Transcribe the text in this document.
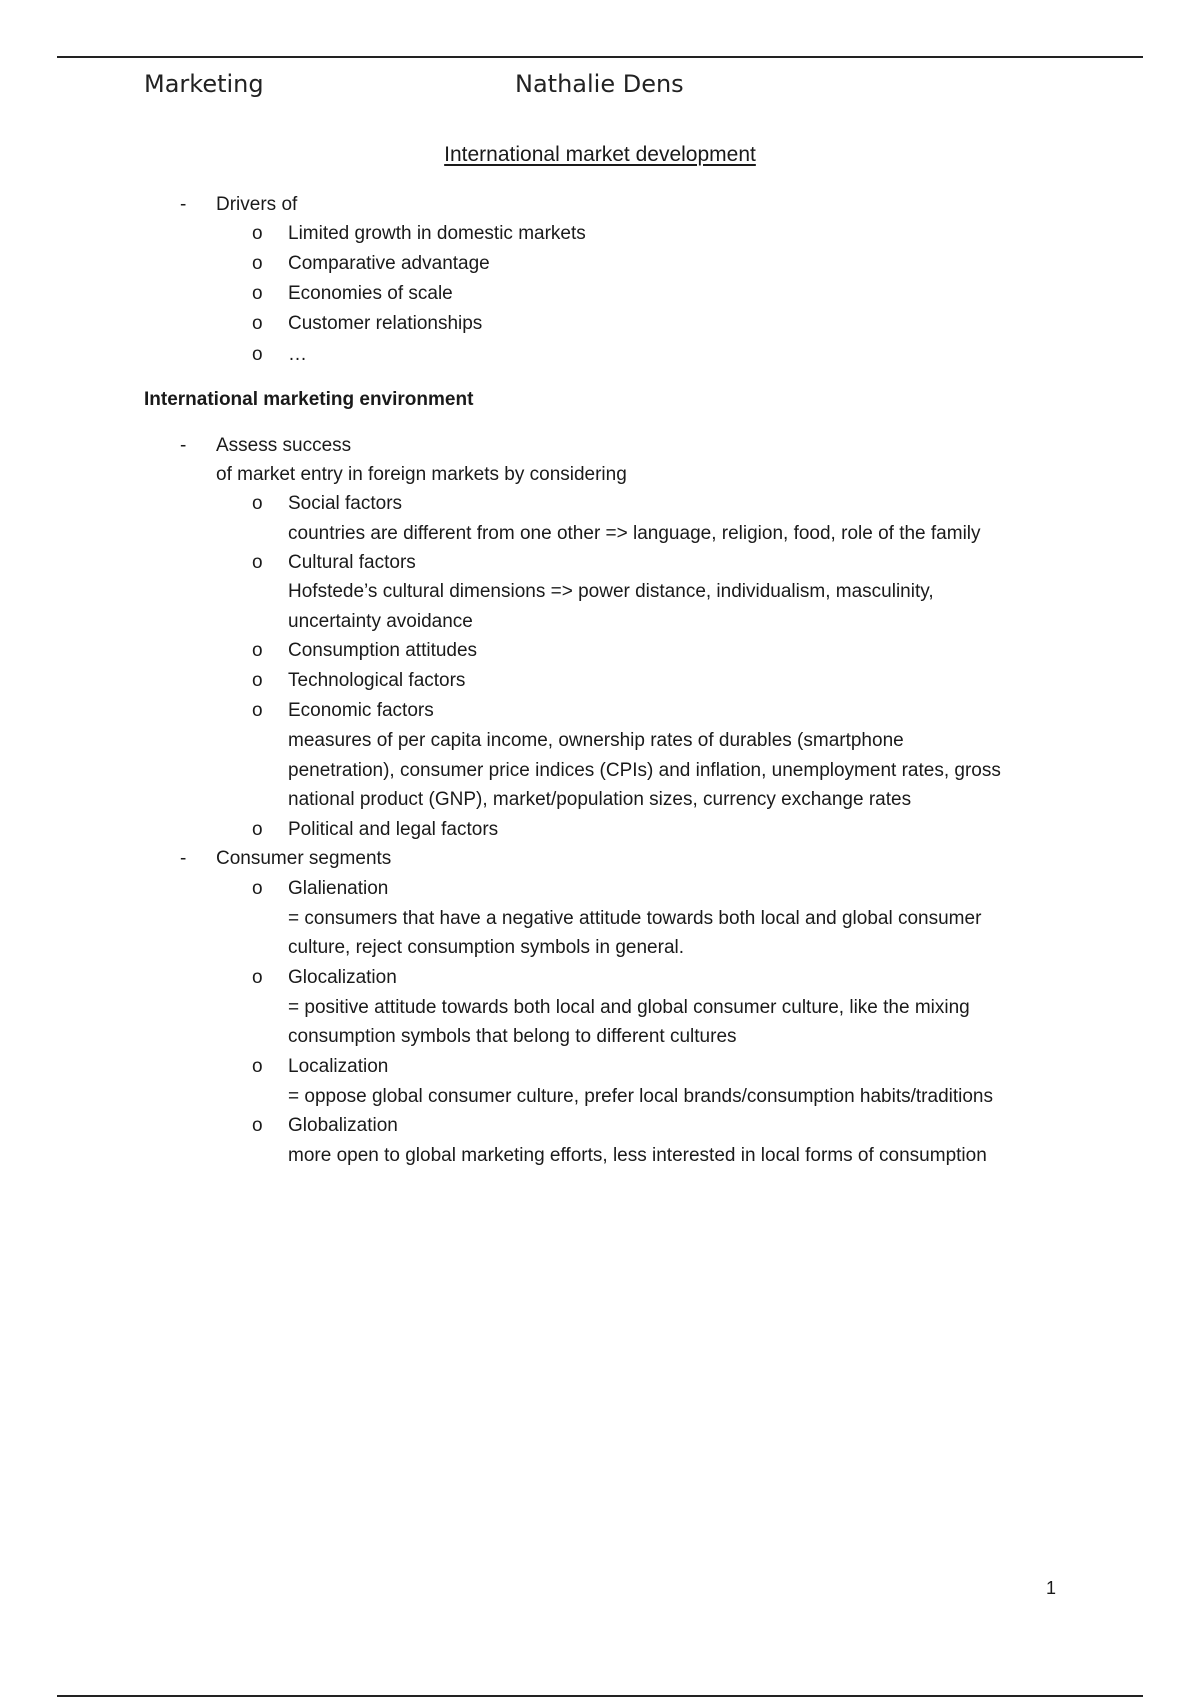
Marketing	Nathalie Dens
International market development
- Drivers of
o Limited growth in domestic markets
o Comparative advantage
o Economies of scale
o Customer relationships
o …
International marketing environment
- Assess success
of market entry in foreign markets by considering
o Social factors
countries are different from one other => language, religion, food, role of the family
o Cultural factors
Hofstede’s cultural dimensions => power distance, individualism, masculinity,
uncertainty avoidance
o Consumption attitudes
o Technological factors
o Economic factors
measures of per capita income, ownership rates of durables (smartphone
penetration), consumer price indices (CPIs) and inflation, unemployment rates, gross
national product (GNP), market/population sizes, currency exchange rates
o Political and legal factors
- Consumer segments
o Glalienation
= consumers that have a negative attitude towards both local and global consumer
culture, reject consumption symbols in general.
o Glocalization
= positive attitude towards both local and global consumer culture, like the mixing
consumption symbols that belong to different cultures
o Localization
= oppose global consumer culture, prefer local brands/consumption habits/traditions
o Globalization
more open to global marketing efforts, less interested in local forms of consumption
1
